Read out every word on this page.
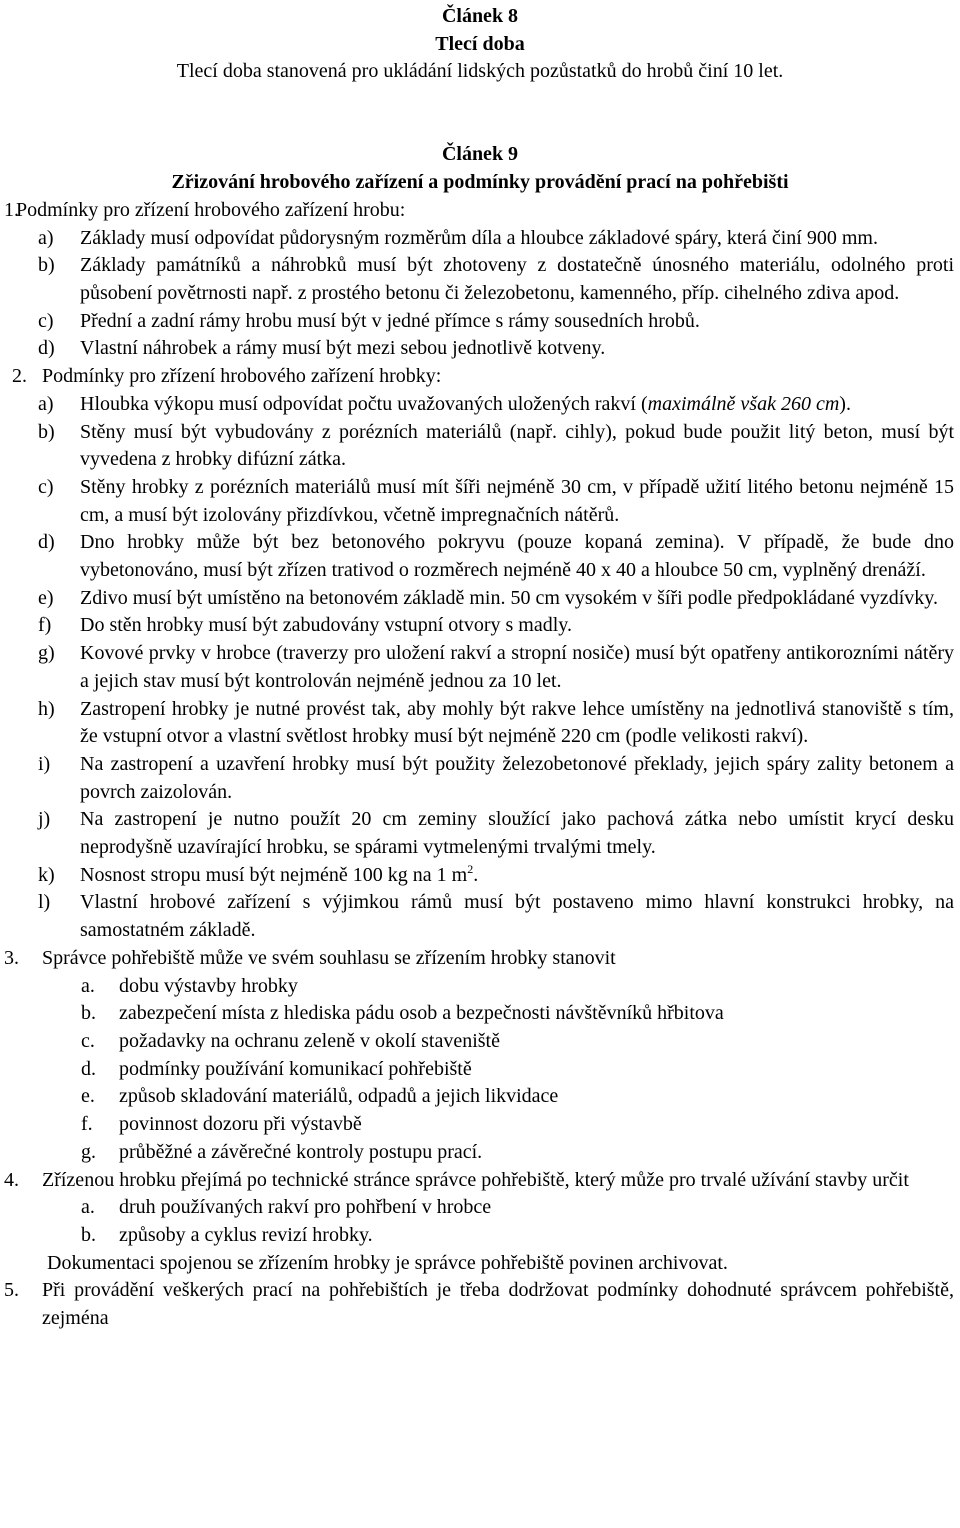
Článek 8

Tlecí doba

Tlecí doba stanovená pro ukládání lidských pozůstatků do hrobů činí 10 let.

Článek 9

Zřizování hrobového zařízení a podmínky provádění prací na pohřebišti

1.
Podmínky pro zřízení hrobového zařízení hrobu:
a)	Základy musí odpovídat půdorysným rozměrům díla a hloubce základové spáry, která činí 900 mm.
b)	Základy památníků a náhrobků musí být zhotoveny z dostatečně únosného materiálu, odolného proti působení povětrnosti např. z prostého betonu či železobetonu, kamenného, příp. cihelného zdiva apod.
c)	Přední a zadní rámy hrobu musí být v jedné přímce s rámy sousedních hrobů.
d)	Vlastní náhrobek a rámy musí být mezi sebou jednotlivě kotveny.
2. Podmínky pro zřízení hrobového zařízení hrobky:
a)	Hloubka výkopu musí odpovídat počtu uvažovaných uložených rakví (maximálně však 260 cm).
b)	Stěny musí být vybudovány z porézních materiálů (např. cihly), pokud bude použit litý beton, musí být vyvedena z hrobky difúzní zátka.
c)	Stěny hrobky z porézních materiálů musí mít šíři nejméně 30 cm, v případě užití litého betonu nejméně 15 cm, a musí být izolovány přizdívkou, včetně impregnačních nátěrů.
d)	Dno hrobky může být bez betonového pokryvu (pouze kopaná zemina). V případě, že bude dno vybetonováno, musí být zřízen trativod o rozměrech nejméně 40 x 40 a hloubce 50 cm, vyplněný drenáží.
e)	Zdivo musí být umístěno na betonovém základě min. 50 cm vysokém v šíři podle předpokládané vyzdívky.
f)	Do stěn hrobky musí být zabudovány vstupní otvory s madly.
g)	Kovové prvky v hrobce (traverzy pro uložení rakví a stropní nosiče) musí být opatřeny antikorozními nátěry a jejich stav musí být kontrolován nejméně jednou za 10 let.
h)	Zastropení hrobky je nutné provést tak, aby mohly být rakve lehce umístěny na jednotlivá stanoviště s tím, že vstupní otvor a vlastní světlost hrobky musí být nejméně 220 cm (podle velikosti rakví).
i)	Na zastropení a uzavření hrobky musí být použity železobetonové překlady, jejich spáry zality betonem a povrch zaizolován.
j)	Na zastropení je nutno použít 20 cm zeminy sloužící jako pachová zátka nebo umístit krycí desku neprodyšně uzavírající hrobku, se spárami vytmelenými trvalými tmely.
k)	Nosnost stropu musí být nejméně 100 kg na 1 $m^2$.
l)	Vlastní hrobové zařízení s výjimkou rámů musí být postaveno mimo hlavní konstrukci hrobky, na samostatném základě.
3.	Správce pohřebiště může ve svém souhlasu se zřízením hrobky stanovit
a.	dobu výstavby hrobky
b.	zabezpečení místa z hlediska pádu osob a bezpečnosti návštěvníků hřbitova
c.	požadavky na ochranu zeleně v okolí staveniště
d.	podmínky používání komunikací pohřebiště
e.	způsob skladování materiálů, odpadů a jejich likvidace
f.	povinnost dozoru při výstavbě
g.	průběžné a závěrečné kontroly postupu prací.
4.	Zřízenou hrobku přejímá po technické stránce správce pohřebiště, který může pro trvalé užívání stavby určit
a.	druh používaných rakví pro pohřbení v hrobce
b.	způsoby a cyklus revizí hrobky.

Dokumentaci spojenou se zřízením hrobky je správce pohřebiště povinen archivovat.

5.	Při provádění veškerých prací na pohřebištích je třeba dodržovat podmínky dohodnuté správcem pohřebiště, zejména
